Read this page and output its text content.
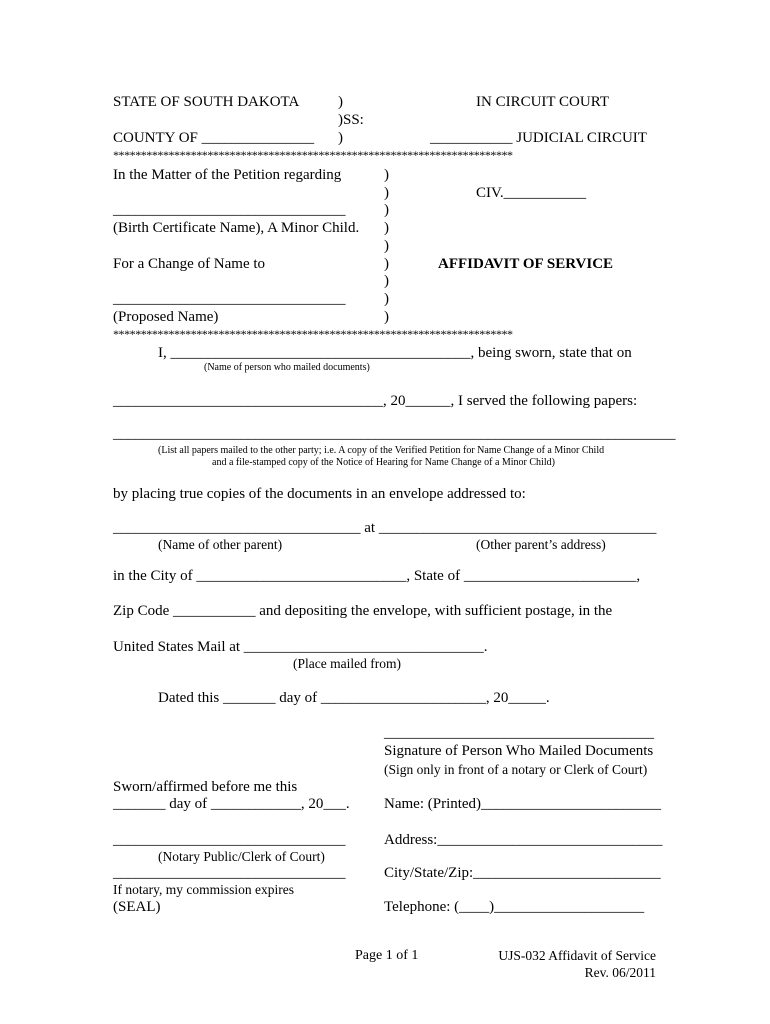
STATE OF SOUTH DAKOTA	)
)SS:
COUNTY OF _______________ )
IN CIRCUIT COURT
___________ JUDICIAL CIRCUIT
************************************************************************
In the Matter of the Petition regarding
_______________________________
(Birth Certificate Name), A Minor Child.
For a Change of Name to
_______________________________
(Proposed Name)
)
)
)
)
)
)
)
)
)
CIV.___________
AFFIDAVIT OF SERVICE
************************************************************************
I, ________________________________________, being sworn, state that on
(Name of person who mailed documents)
____________________________________, 20______, I served the following papers:
___________________________________________________________________________
(List all papers mailed to the other party; i.e. A copy of the Verified Petition for Name Change of a Minor Child
and a file-stamped copy of the Notice of Hearing for Name Change of a Minor Child)
by placing true copies of the documents in an envelope addressed to:
_________________________________ at _____________________________________
(Name of other parent)	(Other parent’s address)
in the City of ____________________________, State of _______________________,
Zip Code ___________ and depositing the envelope, with sufficient postage, in the
United States Mail at ________________________________.
(Place mailed from)
Dated this _______ day of ______________________, 20_____.
____________________________________
Signature of Person Who Mailed Documents
(Sign only in front of a notary or Clerk of Court)
Name: (Printed)________________________
Address:______________________________
City/State/Zip:_________________________
Telephone: (____)____________________
Sworn/affirmed before me this
_______ day of ____________, 20___.
_______________________________
(Notary Public/Clerk of Court)
_______________________________
If notary, my commission expires
(SEAL)
Page 1 of 1	UJS-032 Affidavit of Service
Rev. 06/2011
